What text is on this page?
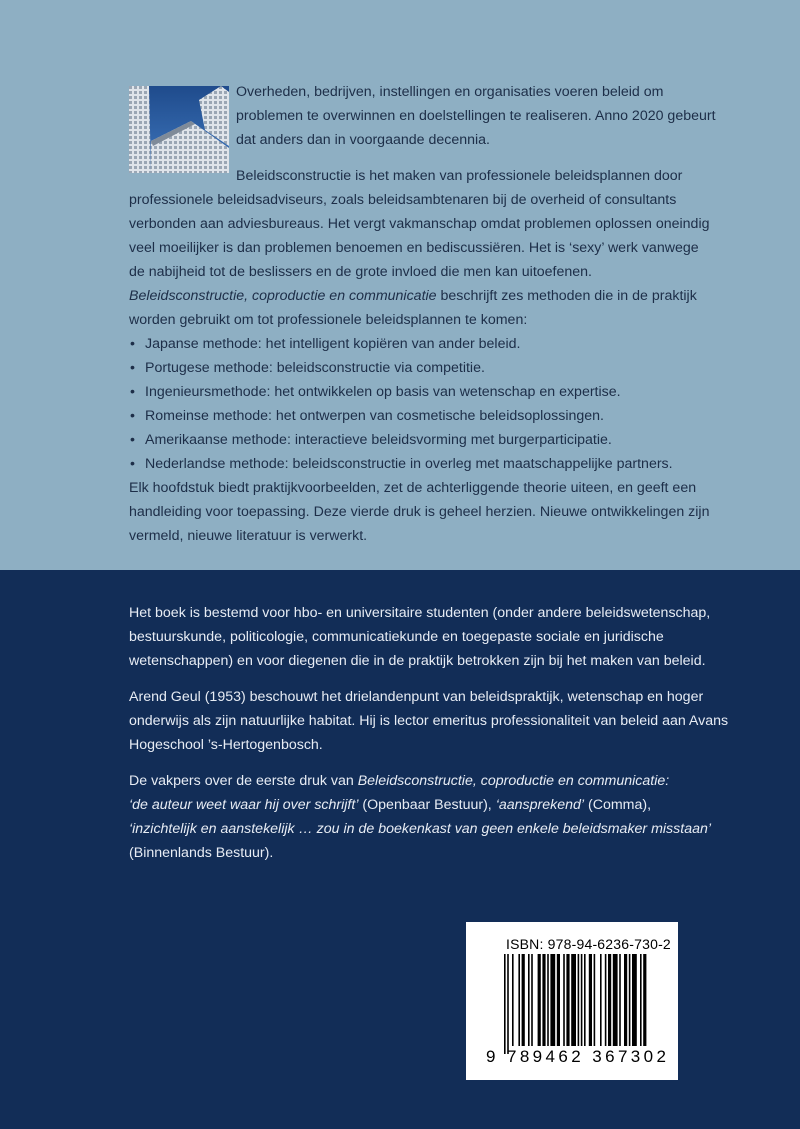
Overheden, bedrijven, instellingen en organisaties voeren beleid om problemen te overwinnen en doelstellingen te realiseren. Anno 2020 gebeurt dat anders dan in voorgaande decennia.

Beleidsconstructie is het maken van professionele beleidsplannen door
professionele beleidsadviseurs, zoals beleidsambtenaren bij de overheid of consultants verbonden aan adviesbureaus. Het vergt vakmanschap omdat problemen oplossen oneindig veel moeilijker is dan problemen benoemen en bediscussiëren. Het is ‘sexy’ werk vanwege de nabijheid tot de beslissers en de grote invloed die men kan uitoefenen.
Beleidsconstructie, coproductie en communicatie beschrijft zes methoden die in de praktijk worden gebruikt om tot professionele beleidsplannen te komen:
• Japanse methode: het intelligent kopiëren van ander beleid.
• Portugese methode: beleidsconstructie via competitie.
• Ingenieursmethode: het ontwikkelen op basis van wetenschap en expertise.
• Romeinse methode: het ontwerpen van cosmetische beleidsoplossingen.
• Amerikaanse methode: interactieve beleidsvorming met burgerparticipatie.
• Nederlandse methode: beleidsconstructie in overleg met maatschappelijke partners.

Elk hoofdstuk biedt praktijkvoorbeelden, zet de achterliggende theorie uiteen, en geeft een handleiding voor toepassing. Deze vierde druk is geheel herzien. Nieuwe ontwikkelingen zijn vermeld, nieuwe literatuur is verwerkt.

Het boek is bestemd voor hbo- en universitaire studenten (onder andere beleidswetenschap, bestuurskunde, politicologie, communicatiekunde en toegepaste sociale en juridische wetenschappen) en voor diegenen die in de praktijk betrokken zijn bij het maken van beleid.

Arend Geul (1953) beschouwt het drielandenpunt van beleidspraktijk, wetenschap en hoger onderwijs als zijn natuurlijke habitat. Hij is lector emeritus professionaliteit van beleid aan Avans Hogeschool ’s-Hertogenbosch.

De vakpers over de eerste druk van Beleidsconstructie, coproductie en communicatie:
‘de auteur weet waar hij over schrijft’ (Openbaar Bestuur), ‘aansprekend’ (Comma),
‘inzichtelijk en aanstekelijk … zou in de boekenkast van geen enkele beleidsmaker misstaan’
(Binnenlands Bestuur).
ISBN: 978-94-6236-730-2
9 789462 367302
